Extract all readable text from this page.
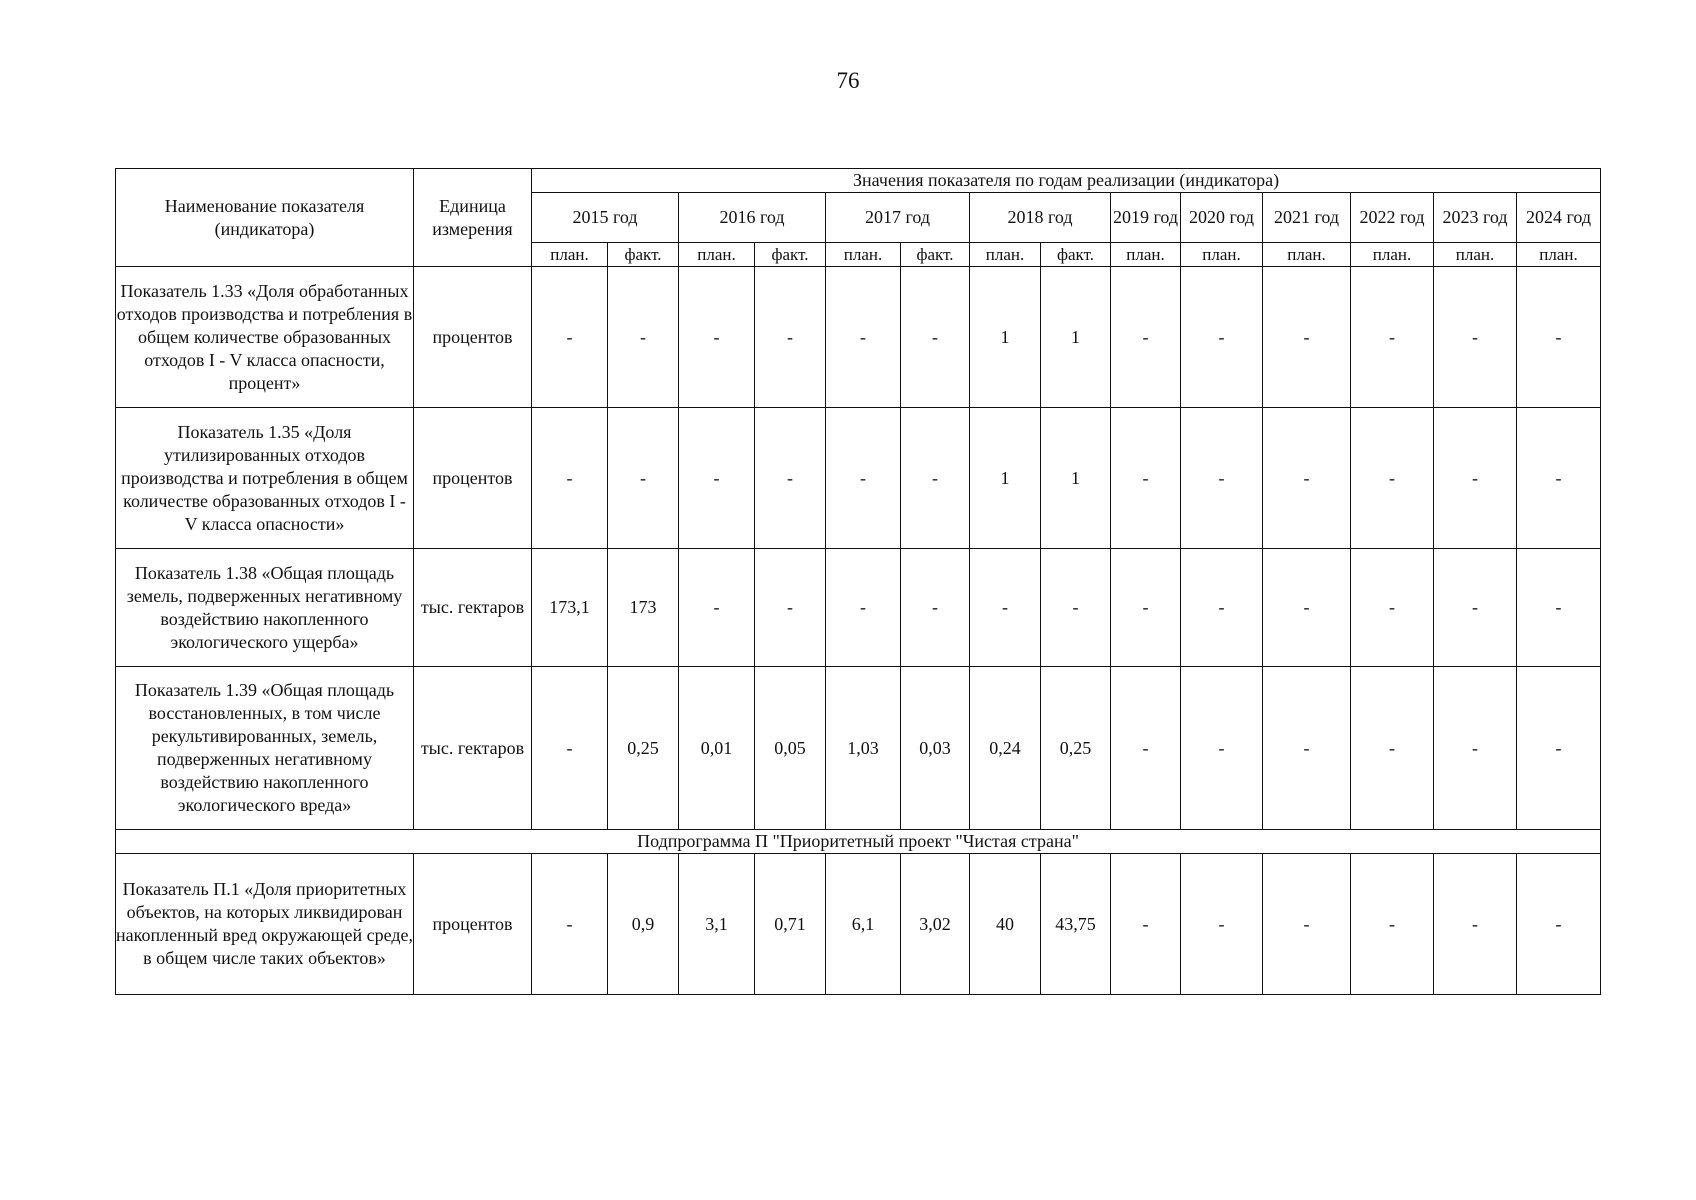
76
Наименование показателя (индикатора)	Единица измерения	Значения показателя по годам реализации (индикатора)													
		2015 год		2016 год		2017 год		2018 год		2019 год	2020 год	2021 год	2022 год	2023 год	2024 год
		план.	факт.	план.	факт.	план.	факт.	план.	факт.	план.	план.	план.	план.	план.	план.
Показатель 1.33 «Доля обработанных отходов производства и потребления в общем количестве образованных отходов I - V класса опасности, процент»	процентов	-	-	-	-	-	-	1	1	-	-	-	-	-	-
Показатель 1.35 «Доля утилизированных отходов производства и потребления в общем количестве образованных отходов I - V класса опасности»	процентов	-	-	-	-	-	-	1	1	-	-	-	-	-	-
Показатель 1.38 «Общая площадь земель, подверженных негативному воздействию накопленного экологического ущерба»	тыс. гектаров	173,1	173	-	-	-	-	-	-	-	-	-	-	-	-
Показатель 1.39 «Общая площадь восстановленных, в том числе рекультивированных, земель, подверженных негативному воздействию накопленного экологического вреда»	тыс. гектаров	-	0,25	0,01	0,05	1,03	0,03	0,24	0,25	-	-	-	-	-	-
Подпрограмма П "Приоритетный проект "Чистая страна"															
Показатель П.1 «Доля приоритетных объектов, на которых ликвидирован накопленный вред окружающей среде, в общем числе таких объектов»	процентов	-	0,9	3,1	0,71	6,1	3,02	40	43,75	-	-	-	-	-	-
